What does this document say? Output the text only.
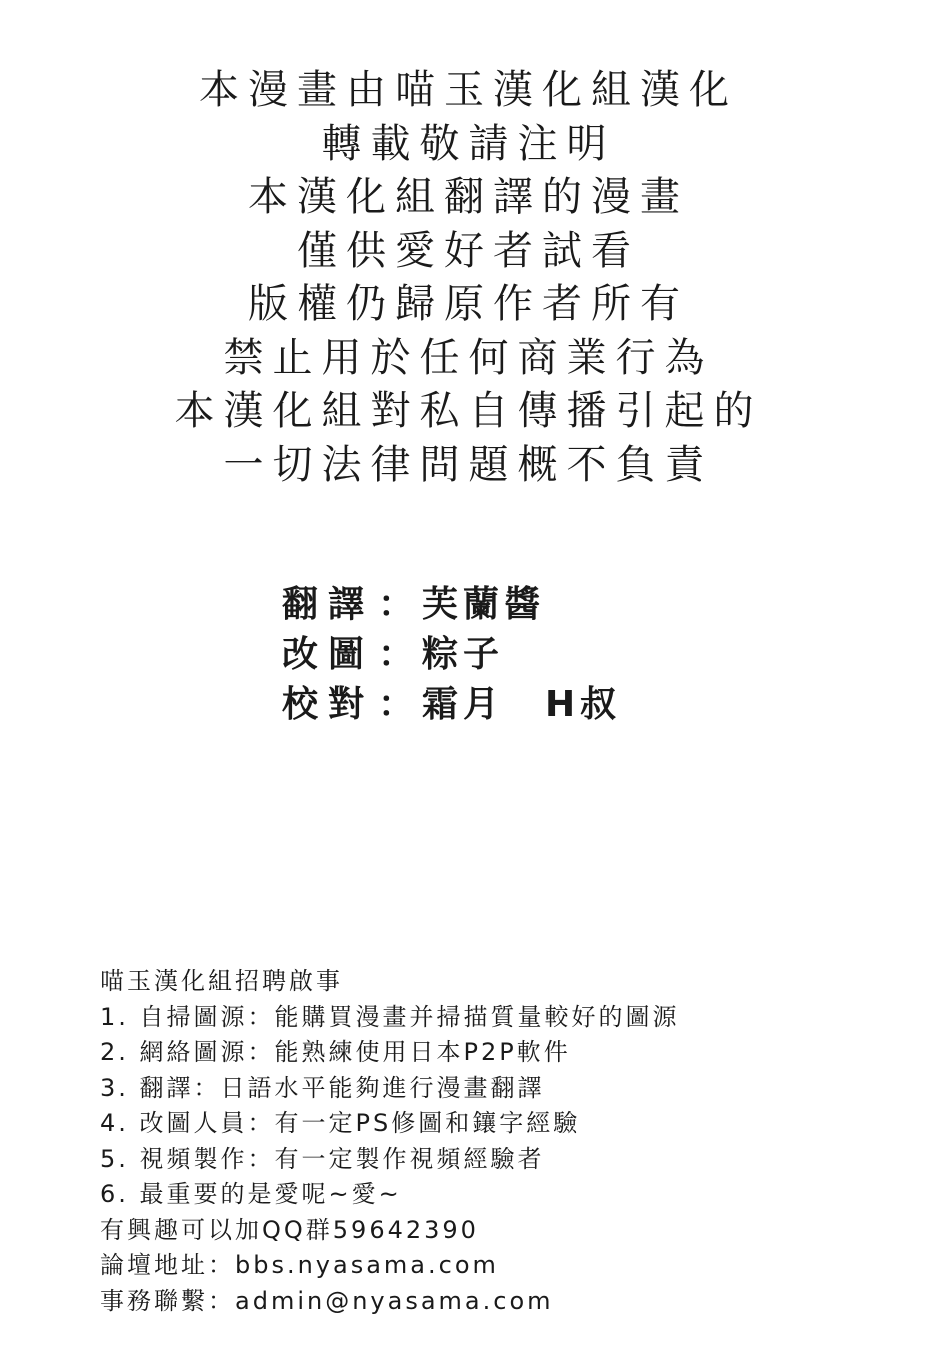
本漫畫由喵玉漢化組漢化
轉載敬請注明
本漢化組翻譯的漫畫
僅供愛好者試看
版權仍歸原作者所有
禁止用於任何商業行為
本漢化組對私自傳播引起的
一切法律問題概不負責
翻譯 ：芙蘭醬
改圖 ：粽子
校對 ：霜月　H叔
喵玉漢化組招聘啟事
1. 自掃圖源：能購買漫畫并掃描質量較好的圖源
2. 網絡圖源：能熟練使用日本P2P軟件
3. 翻譯：日語水平能夠進行漫畫翻譯
4. 改圖人員：有一定PS修圖和鑲字經驗
5. 視頻製作：有一定製作視頻經驗者
6. 最重要的是愛呢~愛~
有興趣可以加QQ群59642390
論壇地址：bbs.nyasama.com
事務聯繫：admin@nyasama.com
